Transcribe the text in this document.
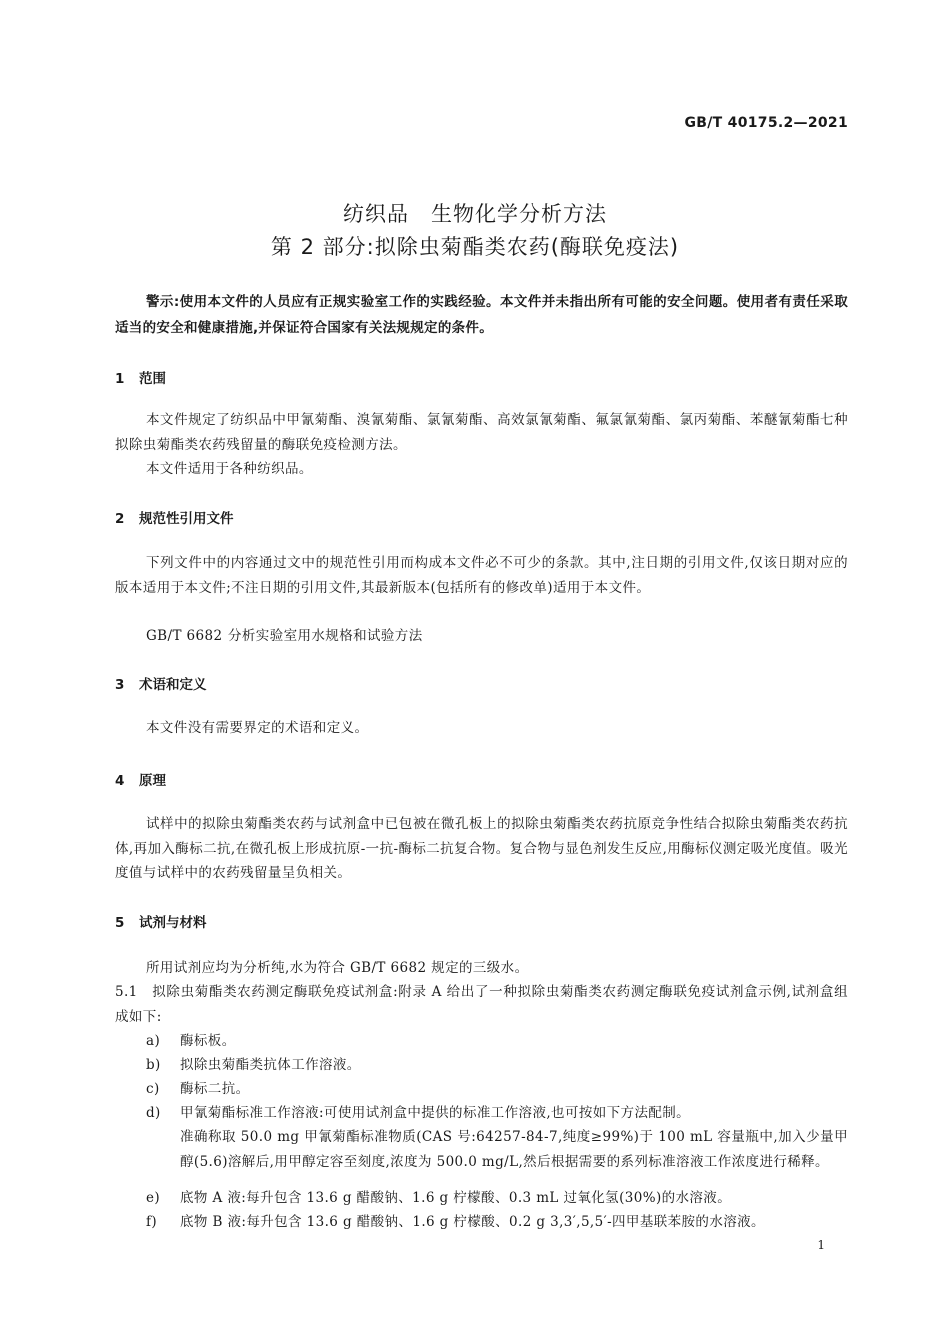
GB/T 40175.2—2021
纺织品　生物化学分析方法
第 2 部分:拟除虫菊酯类农药(酶联免疫法)
警示:使用本文件的人员应有正规实验室工作的实践经验。本文件并未指出所有可能的安全问题。使用者有责任采取适当的安全和健康措施,并保证符合国家有关法规规定的条件。
1 范围
本文件规定了纺织品中甲氰菊酯、溴氰菊酯、氯氰菊酯、高效氯氰菊酯、氟氯氰菊酯、氯丙菊酯、苯醚氰菊酯七种拟除虫菊酯类农药残留量的酶联免疫检测方法。
本文件适用于各种纺织品。
2 规范性引用文件
下列文件中的内容通过文中的规范性引用而构成本文件必不可少的条款。其中,注日期的引用文件,仅该日期对应的版本适用于本文件;不注日期的引用文件,其最新版本(包括所有的修改单)适用于本文件。
GB/T 6682 分析实验室用水规格和试验方法
3 术语和定义
本文件没有需要界定的术语和定义。
4 原理
试样中的拟除虫菊酯类农药与试剂盒中已包被在微孔板上的拟除虫菊酯类农药抗原竞争性结合拟除虫菊酯类农药抗体,再加入酶标二抗,在微孔板上形成抗原-一抗-酶标二抗复合物。复合物与显色剂发生反应,用酶标仪测定吸光度值。吸光度值与试样中的农药残留量呈负相关。
5 试剂与材料
所用试剂应均为分析纯,水为符合 GB/T 6682 规定的三级水。
5.1 拟除虫菊酯类农药测定酶联免疫试剂盒:附录 A 给出了一种拟除虫菊酯类农药测定酶联免疫试剂盒示例,试剂盒组成如下:
a)	酶标板。
b)	拟除虫菊酯类抗体工作溶液。
c)	酶标二抗。
d)	甲氰菊酯标准工作溶液:可使用试剂盒中提供的标准工作溶液,也可按如下方法配制。
准确称取 50.0 mg 甲氰菊酯标准物质(CAS 号:64257-84-7,纯度≥99%)于 100 mL 容量瓶中,加入少量甲醇(5.6)溶解后,用甲醇定容至刻度,浓度为 500.0 mg/L,然后根据需要的系列标准溶液工作浓度进行稀释。
e)	底物 A 液:每升包含 13.6 g 醋酸钠、1.6 g 柠檬酸、0.3 mL 过氧化氢(30%)的水溶液。
f)	底物 B 液:每升包含 13.6 g 醋酸钠、1.6 g 柠檬酸、0.2 g 3,3′,5,5′-四甲基联苯胺的水溶液。
1
